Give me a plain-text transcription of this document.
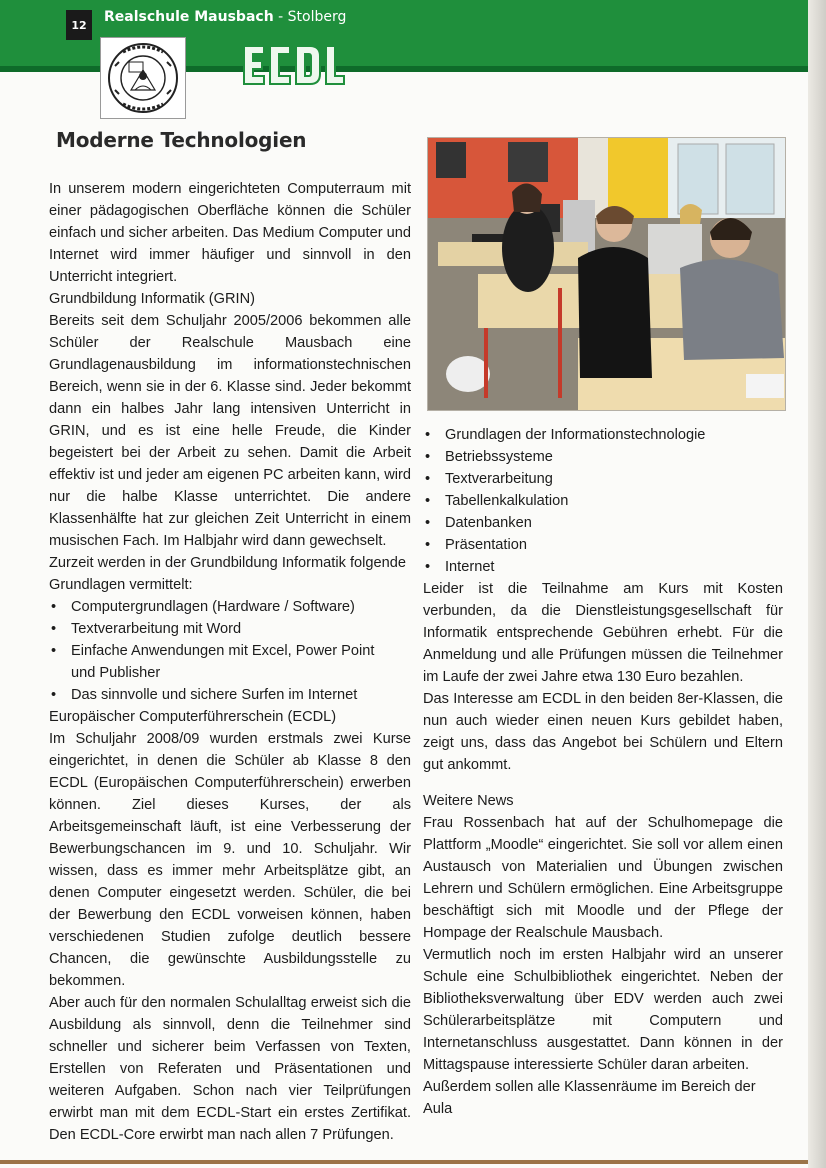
12	Realschule Mausbach - Stolberg
Moderne Technologien

In unserem modern eingerichteten Computerraum mit einer pädagogischen Oberfläche können die Schüler einfach und sicher arbeiten. Das Medium Computer und Internet wird immer häufiger und sinnvoll in den Unterricht integriert.

Grundbildung Informatik (GRIN)

Bereits seit dem Schuljahr 2005/2006 bekommen alle Schüler der Realschule Mausbach eine Grundlagenausbildung im informationstechnischen Bereich, wenn sie in der 6. Klasse sind. Jeder bekommt dann ein halbes Jahr lang intensiven Unterricht in GRIN, und es ist eine helle Freude, die Kinder begeistert bei der Arbeit zu sehen. Damit die Arbeit effektiv ist und jeder am eigenen PC arbeiten kann, wird nur die halbe Klasse unterrichtet. Die andere Klassenhälfte hat zur gleichen Zeit Unterricht in einem musischen Fach. Im Halbjahr wird dann gewechselt.

Zurzeit werden in der Grundbildung Informatik folgende Grundlagen vermittelt:

• Computergrundlagen (Hardware / Software)
• Textverarbeitung mit Word
• Einfache Anwendungen mit Excel, Power Point
und Publisher
• Das sinnvolle und sichere Surfen im Internet

Europäischer Computerführerschein (ECDL)

Im Schuljahr 2008/09 wurden erstmals zwei Kurse eingerichtet, in denen die Schüler ab Klasse 8 den ECDL (Europäischen Computerführerschein) erwerben können. Ziel dieses Kurses, der als Arbeitsgemeinschaft läuft, ist eine Verbesserung der Bewerbungschancen im 9. und 10. Schuljahr. Wir wissen, dass es immer mehr Arbeitsplätze gibt, an denen Computer eingesetzt werden. Schüler, die bei der Bewerbung den ECDL vorweisen können, haben verschiedenen Studien zufolge deutlich bessere Chancen, die gewünschte Ausbildungsstelle zu bekommen.

Aber auch für den normalen Schulalltag erweist sich die Ausbildung als sinnvoll, denn die Teilnehmer sind schneller und sicherer beim Verfassen von Texten, Erstellen von Referaten und Präsentationen und weiteren Aufgaben. Schon nach vier Teilprüfungen erwirbt man mit dem ECDL-Start ein erstes Zertifikat. Den ECDL-Core erwirbt man nach allen 7 Prüfungen.

• Grundlagen der Informationstechnologie
• Betriebssysteme
• Textverarbeitung
• Tabellenkalkulation
• Datenbanken
• Präsentation
• Internet

Leider ist die Teilnahme am Kurs mit Kosten verbunden, da die Dienstleistungsgesellschaft für Informatik entsprechende Gebühren erhebt. Für die Anmeldung und alle Prüfungen müssen die Teilnehmer im Laufe der zwei Jahre etwa 130 Euro bezahlen.

Das Interesse am ECDL in den beiden 8er-Klassen, die nun auch wieder einen neuen Kurs gebildet haben, zeigt uns, dass das Angebot bei Schülern und Eltern gut ankommt.

Weitere News

Frau Rossenbach hat auf der Schulhomepage die Plattform „Moodle“ eingerichtet. Sie soll vor allem einen Austausch von Materialien und Übungen zwischen Lehrern und Schülern ermöglichen. Eine Arbeitsgruppe beschäftigt sich mit Moodle und der Pflege der Hompage der Realschule Mausbach.

Vermutlich noch im ersten Halbjahr wird an unserer Schule eine Schulbibliothek eingerichtet. Neben der Bibliotheksverwaltung über EDV werden auch zwei Schülerarbeitsplätze mit Computern und Internetanschluss ausgestattet. Dann können in der Mittagspause interessierte Schüler daran arbeiten.

Außerdem sollen alle Klassenräume im Bereich der Aula
